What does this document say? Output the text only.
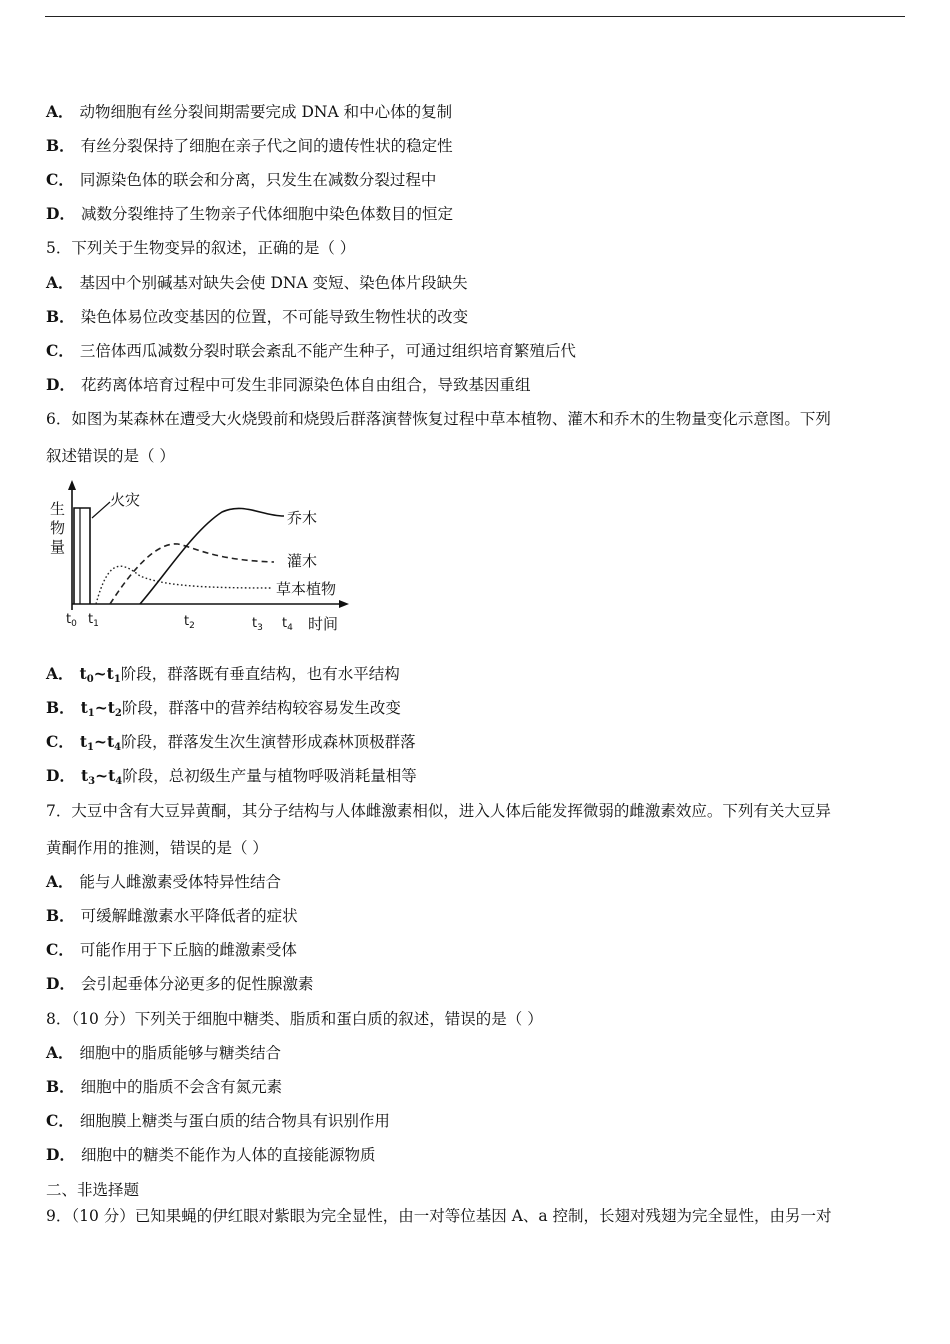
A． 动物细胞有丝分裂间期需要完成 DNA 和中心体的复制
B． 有丝分裂保持了细胞在亲子代之间的遗传性状的稳定性
C． 同源染色体的联会和分离，只发生在减数分裂过程中
D． 减数分裂维持了生物亲子代体细胞中染色体数目的恒定
5．下列关于生物变异的叙述，正确的是（ ）
A． 基因中个别碱基对缺失会使 DNA 变短、染色体片段缺失
B． 染色体易位改变基因的位置，不可能导致生物性状的改变
C． 三倍体西瓜减数分裂时联会紊乱不能产生种子，可通过组织培育繁殖后代
D． 花药离体培育过程中可发生非同源染色体自由组合，导致基因重组
6．如图为某森林在遭受大火烧毁前和烧毁后群落演替恢复过程中草本植物、灌木和乔木的生物量变化示意图。下列
叙述错误的是（ ）
生物量
火灾
乔木
灌木
草本植物
$t_0$ $t_1$	$t_2$	$t_3$ $t_4$ 时间
A． $t_0\sim t_1$阶段，群落既有垂直结构，也有水平结构
B． $t_1\sim t_2$阶段，群落中的营养结构较容易发生改变
C． $t_1\sim t_4$阶段，群落发生次生演替形成森林顶极群落
D． $t_3\sim t_4$阶段，总初级生产量与植物呼吸消耗量相等
7．大豆中含有大豆异黄酮，其分子结构与人体雌激素相似，进入人体后能发挥微弱的雌激素效应。下列有关大豆异
黄酮作用的推测，错误的是（ ）
A． 能与人雌激素受体特异性结合
B． 可缓解雌激素水平降低者的症状
C． 可能作用于下丘脑的雌激素受体
D． 会引起垂体分泌更多的促性腺激素
8．（10 分）下列关于细胞中糖类、脂质和蛋白质的叙述，错误的是（ ）
A． 细胞中的脂质能够与糖类结合
B． 细胞中的脂质不会含有氮元素
C． 细胞膜上糖类与蛋白质的结合物具有识别作用
D． 细胞中的糖类不能作为人体的直接能源物质
二、非选择题
9．（10 分）已知果蝇的伊红眼对紫眼为完全显性，由一对等位基因 A、a 控制，长翅对残翅为完全显性，由另一对
